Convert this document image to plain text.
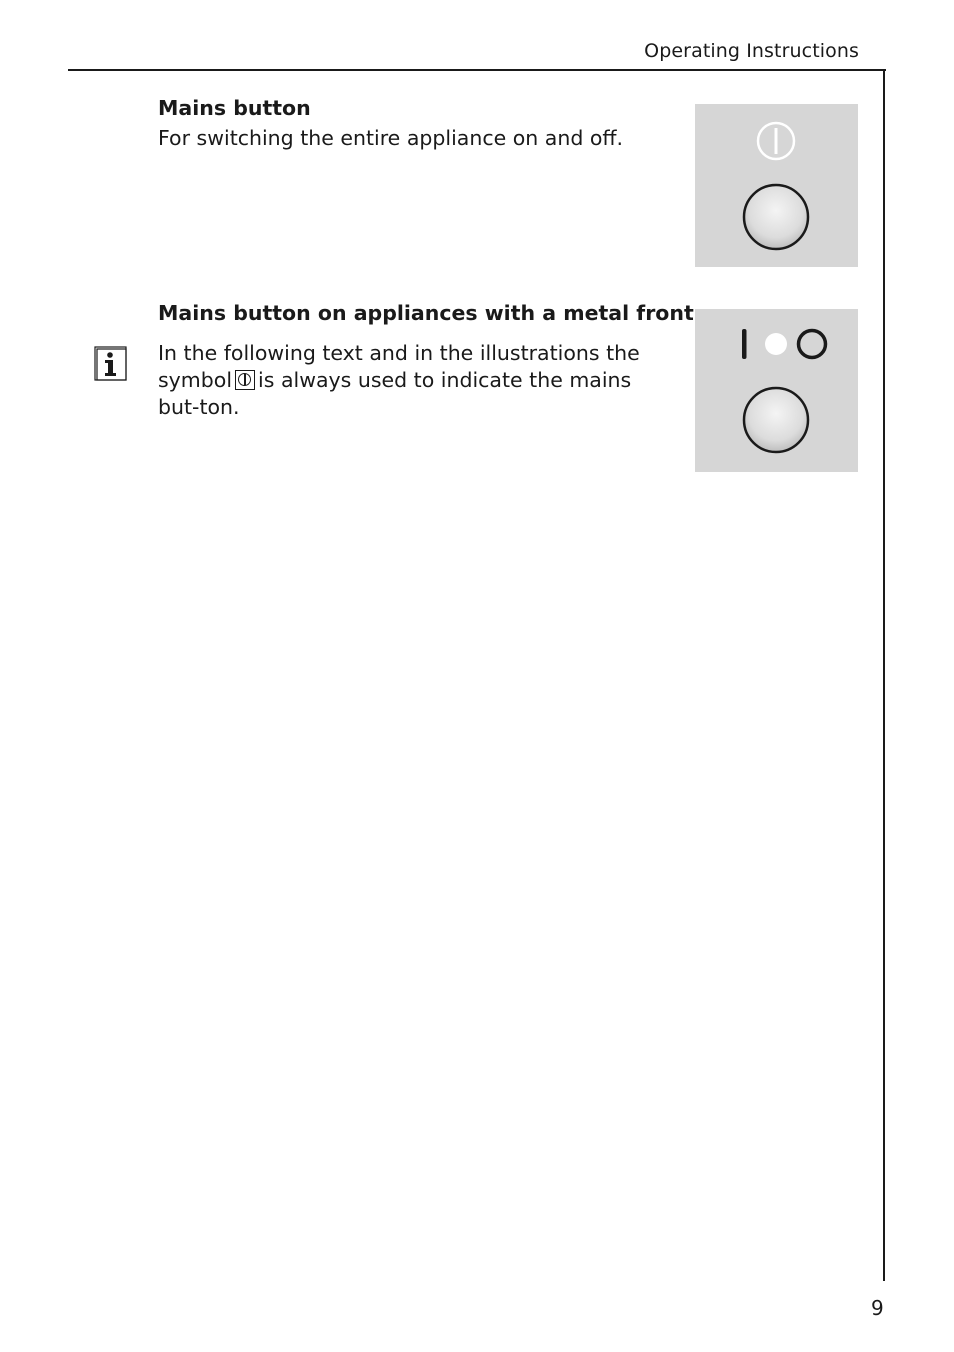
Operating Instructions
Mains button

For switching the entire appliance on and off.

Mains button on appliances with a metal front

In the following text and in the illustrations the symbol is always used to indicate the mains but-ton.

9
